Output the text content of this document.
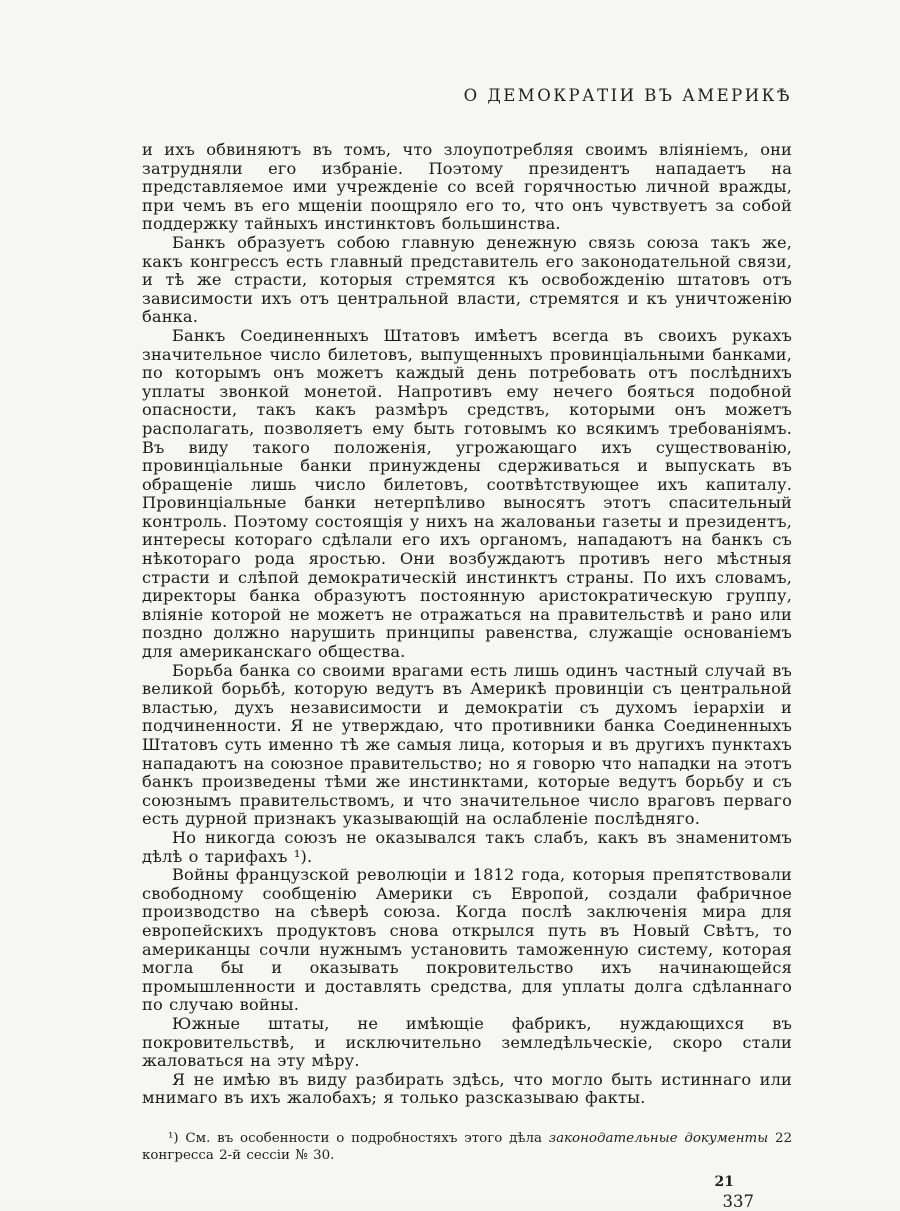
О ДЕМОКРАТІИ ВЪ АМЕРИКѢ

и ихъ обвиняютъ въ томъ, что злоупотребляя своимъ вліяніемъ, они затрудняли его избраніе. Поэтому президентъ нападаетъ на представляемое ими учрежденіе со всей горячностью личной вражды, при чемъ въ его мщеніи поощряло его то, что онъ чувствуетъ за собой поддержку тайныхъ инстинктовъ большинства.

Банкъ образуетъ собою главную денежную связь союза такъ же, какъ конгрессъ есть главный представитель его законодательной связи, и тѣ же страсти, которыя стремятся къ освобожденію штатовъ отъ зависимости ихъ отъ центральной власти, стремятся и къ уничтоженію банка.

Банкъ Соединенныхъ Штатовъ имѣетъ всегда въ своихъ рукахъ значительное число билетовъ, выпущенныхъ провинціальными банками, по которымъ онъ можетъ каждый день потребовать отъ послѣднихъ уплаты звонкой монетой. Напротивъ ему нечего бояться подобной опасности, такъ какъ размѣръ средствъ, которыми онъ можетъ располагать, позволяетъ ему быть готовымъ ко всякимъ требованіямъ. Въ виду такого положенія, угрожающаго ихъ существованію, провинціальные банки принуждены сдерживаться и выпускать въ обращеніе лишь число билетовъ, соотвѣтствующее ихъ капиталу. Провинціальные банки нетерпѣливо выносятъ этотъ спасительный контроль. Поэтому состоящія у нихъ на жалованьи газеты и президентъ, интересы котораго сдѣлали его ихъ органомъ, нападаютъ на банкъ съ нѣкотораго рода яростью. Они возбуждаютъ противъ него мѣстныя страсти и слѣпой демократическій инстинктъ страны. По ихъ словамъ, директоры банка образуютъ постоянную аристократическую группу, вліяніе которой не можетъ не отражаться на правительствѣ и рано или поздно должно нарушить принципы равенства, служащіе основаніемъ для американскаго общества.

Борьба банка со своими врагами есть лишь одинъ частный случай въ великой борьбѣ, которую ведутъ въ Америкѣ провинціи съ центральной властью, духъ независимости и демократіи съ духомъ іерархіи и подчиненности. Я не утверждаю, что противники банка Соединенныхъ Штатовъ суть именно тѣ же самыя лица, которыя и въ другихъ пунктахъ нападаютъ на союзное правительство; но я говорю что нападки на этотъ банкъ произведены тѣми же инстинктами, которые ведутъ борьбу и съ союзнымъ правительствомъ, и что значительное число враговъ перваго есть дурной признакъ указывающій на ослабленіе послѣдняго.

Но никогда союзъ не оказывался такъ слабъ, какъ въ знаменитомъ дѣлѣ о тарифахъ ¹).

Войны французской революціи и 1812 года, которыя препятствовали свободному сообщенію Америки съ Европой, создали фабричное производство на сѣверѣ союза. Когда послѣ заключенія мира для европейскихъ продуктовъ снова открылся путь въ Новый Свѣтъ, то американцы сочли нужнымъ установить таможенную систему, которая могла бы и оказывать покровительство ихъ начинающейся промышленности и доставлять средства, для уплаты долга сдѣланнаго по случаю войны.

Южные штаты, не имѣющіе фабрикъ, нуждающихся въ покровительствѣ, и исключительно земледѣльческіе, скоро стали жаловаться на эту мѣру.

Я не имѣю въ виду разбирать здѣсь, что могло быть истиннаго или мнимаго въ ихъ жалобахъ; я только разсказываю факты.

¹) См. въ особенности о подробностяхъ этого дѣла законодательные документы 22 конгресса 2-й сессіи № 30.
21
337
